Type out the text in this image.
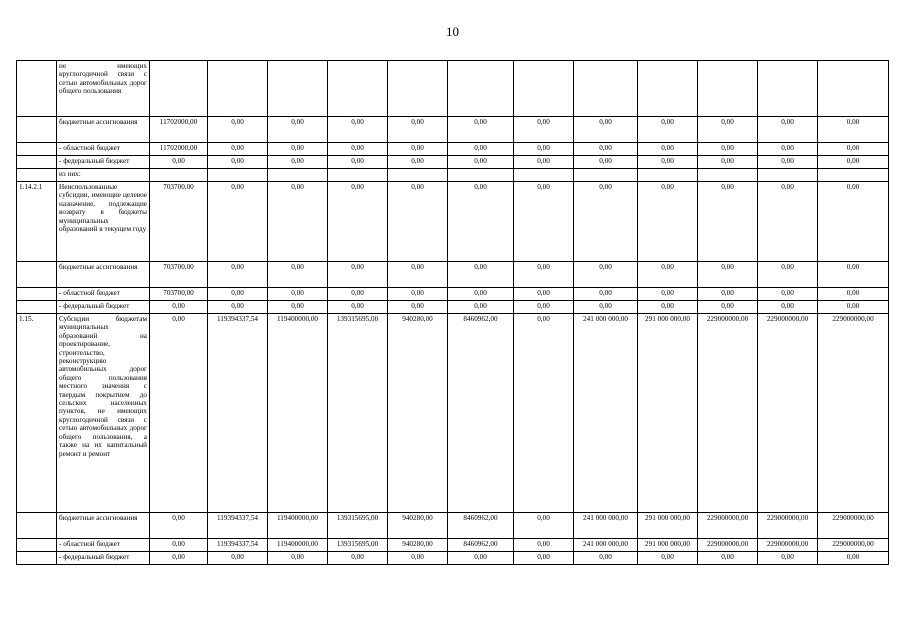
10
	не имеющих круглогодичной связи с сетью автомобильных дорог общего пользования												
	бюджетные ассигнования	11702000,00	0,00	0,00	0,00	0,00	0,00	0,00	0,00	0,00	0,00	0,00	0,00
	- областной бюджет	11702000,00	0,00	0,00	0,00	0,00	0,00	0,00	0,00	0,00	0,00	0,00	0,00
	- федеральный бюджет	0,00	0,00	0,00	0,00	0,00	0,00	0,00	0,00	0,00	0,00	0,00	0,00
	из них:												
1.14.2.1	Неиспользованные субсидии, имеющие целевое назначение, подлежащие возврату в бюджеты муниципальных образований в текущем году	703700,00	0,00	0,00	0,00	0,00	0,00	0,00	0,00	0,00	0,00	0,00	0,00
	бюджетные ассигнования	703700,00	0,00	0,00	0,00	0,00	0,00	0,00	0,00	0,00	0,00	0,00	0,00
	- областной бюджет	703700,00	0,00	0,00	0,00	0,00	0,00	0,00	0,00	0,00	0,00	0,00	0,00
	- федеральный бюджет	0,00	0,00	0,00	0,00	0,00	0,00	0,00	0,00	0,00	0,00	0,00	0,00
1.15.	Субсидии бюджетам муниципальных образований на проектирование, строительство, реконструкцию автомобильных дорог общего пользования местного значения с твердым покрытием до сельских населенных пунктов, не имеющих круглогодичной связи с сетью автомобильных дорог общего пользования, а также на их капитальный ремонт и ремонт	0,00	119394337,54	119400000,00	139315695,00	940280,00	8460962,00	0,00	241 000 000,00	291 000 000,00	229000000,00	229000000,00	229000000,00
	бюджетные ассигнования	0,00	119394337,54	119400000,00	139315695,00	940280,00	8460962,00	0,00	241 000 000,00	291 000 000,00	229000000,00	229000000,00	229000000,00
	- областной бюджет	0,00	119394337,54	119400000,00	139315695,00	940280,00	8460962,00	0,00	241 000 000,00	291 000 000,00	229000000,00	229000000,00	229000000,00
	- федеральный бюджет	0,00	0,00	0,00	0,00	0,00	0,00	0,00	0,00	0,00	0,00	0,00	0,00
